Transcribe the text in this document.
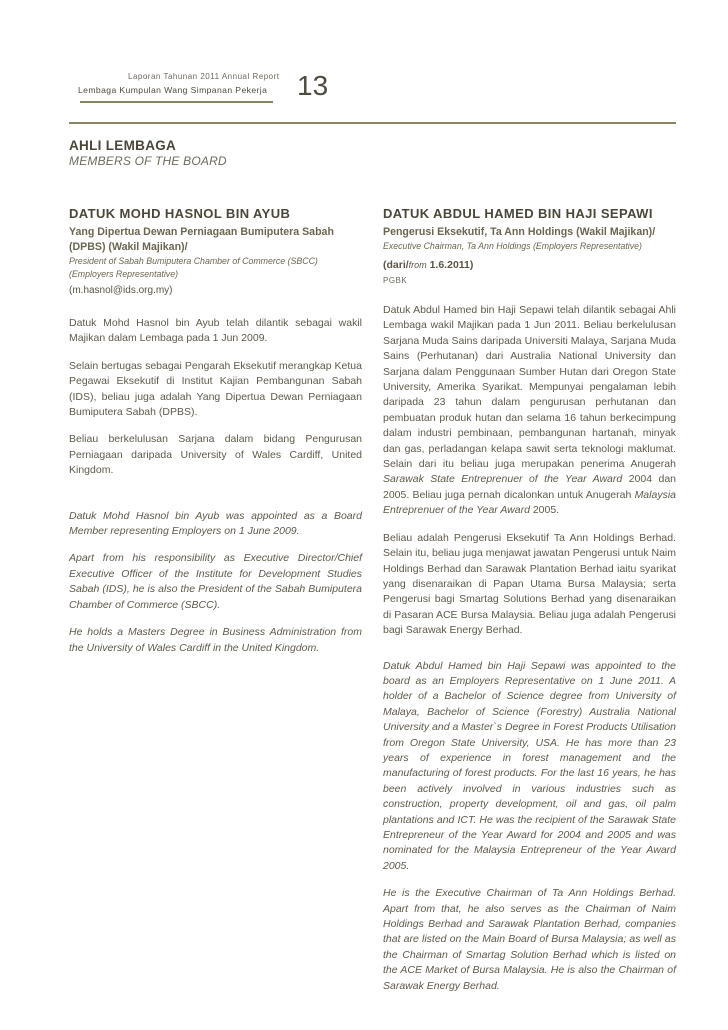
Laporan Tahunan 2011 Annual Report
Lembaga Kumpulan Wang Simpanan Pekerja 13
AHLI LEMBAGA
MEMBERS OF THE BOARD
DATUK MOHD HASNOL BIN AYUB
Yang Dipertua Dewan Perniagaan Bumiputera Sabah
(DPBS) (Wakil Majikan)/
President of Sabah Bumiputera Chamber of Commerce (SBCC)
(Employers Representative)
(m.hasnol@ids.org.my)

Datuk Mohd Hasnol bin Ayub telah dilantik sebagai wakil Majikan dalam Lembaga pada 1 Jun 2009.

Selain bertugas sebagai Pengarah Eksekutif merangkap Ketua Pegawai Eksekutif di Institut Kajian Pembangunan Sabah (IDS), beliau juga adalah Yang Dipertua Dewan Perniagaan Bumiputera Sabah (DPBS).

Beliau berkelulusan Sarjana dalam bidang Pengurusan Perniagaan daripada University of Wales Cardiff, United Kingdom.

Datuk Mohd Hasnol bin Ayub was appointed as a Board Member representing Employers on 1 June 2009.

Apart from his responsibility as Executive Director/Chief Executive Officer of the Institute for Development Studies Sabah (IDS), he is also the President of the Sabah Bumiputera Chamber of Commerce (SBCC).

He holds a Masters Degree in Business Administration from the University of Wales Cardiff in the United Kingdom.

DATUK ABDUL HAMED BIN HAJI SEPAWI
Pengerusi Eksekutif, Ta Ann Holdings (Wakil Majikan)/
Executive Chairman, Ta Ann Holdings (Employers Representative)
(dari/from 1.6.2011)
PGBK

Datuk Abdul Hamed bin Haji Sepawi telah dilantik sebagai Ahli Lembaga wakil Majikan pada 1 Jun 2011. Beliau berkelulusan Sarjana Muda Sains daripada Universiti Malaya, Sarjana Muda Sains (Perhutanan) dari Australia National University dan Sarjana dalam Penggunaan Sumber Hutan dari Oregon State University, Amerika Syarikat. Mempunyai pengalaman lebih daripada 23 tahun dalam pengurusan perhutanan dan pembuatan produk hutan dan selama 16 tahun berkecimpung dalam industri pembinaan, pembangunan hartanah, minyak dan gas, perladangan kelapa sawit serta teknologi maklumat. Selain dari itu beliau juga merupakan penerima Anugerah Sarawak State Entreprenuer of the Year Award 2004 dan 2005. Beliau juga pernah dicalonkan untuk Anugerah Malaysia Entreprenuer of the Year Award 2005.

Beliau adalah Pengerusi Eksekutif Ta Ann Holdings Berhad. Selain itu, beliau juga menjawat jawatan Pengerusi untuk Naim Holdings Berhad dan Sarawak Plantation Berhad iaitu syarikat yang disenaraikan di Papan Utama Bursa Malaysia; serta Pengerusi bagi Smartag Solutions Berhad yang disenaraikan di Pasaran ACE Bursa Malaysia. Beliau juga adalah Pengerusi bagi Sarawak Energy Berhad.

Datuk Abdul Hamed bin Haji Sepawi was appointed to the board as an Employers Representative on 1 June 2011. A holder of a Bachelor of Science degree from University of Malaya, Bachelor of Science (Forestry) Australia National University and a Master`s Degree in Forest Products Utilisation from Oregon State University, USA. He has more than 23 years of experience in forest management and the manufacturing of forest products. For the last 16 years, he has been actively involved in various industries such as construction, property development, oil and gas, oil palm plantations and ICT. He was the recipient of the Sarawak State Entrepreneur of the Year Award for 2004 and 2005 and was nominated for the Malaysia Entrepreneur of the Year Award 2005.

He is the Executive Chairman of Ta Ann Holdings Berhad. Apart from that, he also serves as the Chairman of Naim Holdings Berhad and Sarawak Plantation Berhad, companies that are listed on the Main Board of Bursa Malaysia; as well as the Chairman of Smartag Solution Berhad which is listed on the ACE Market of Bursa Malaysia. He is also the Chairman of Sarawak Energy Berhad.
